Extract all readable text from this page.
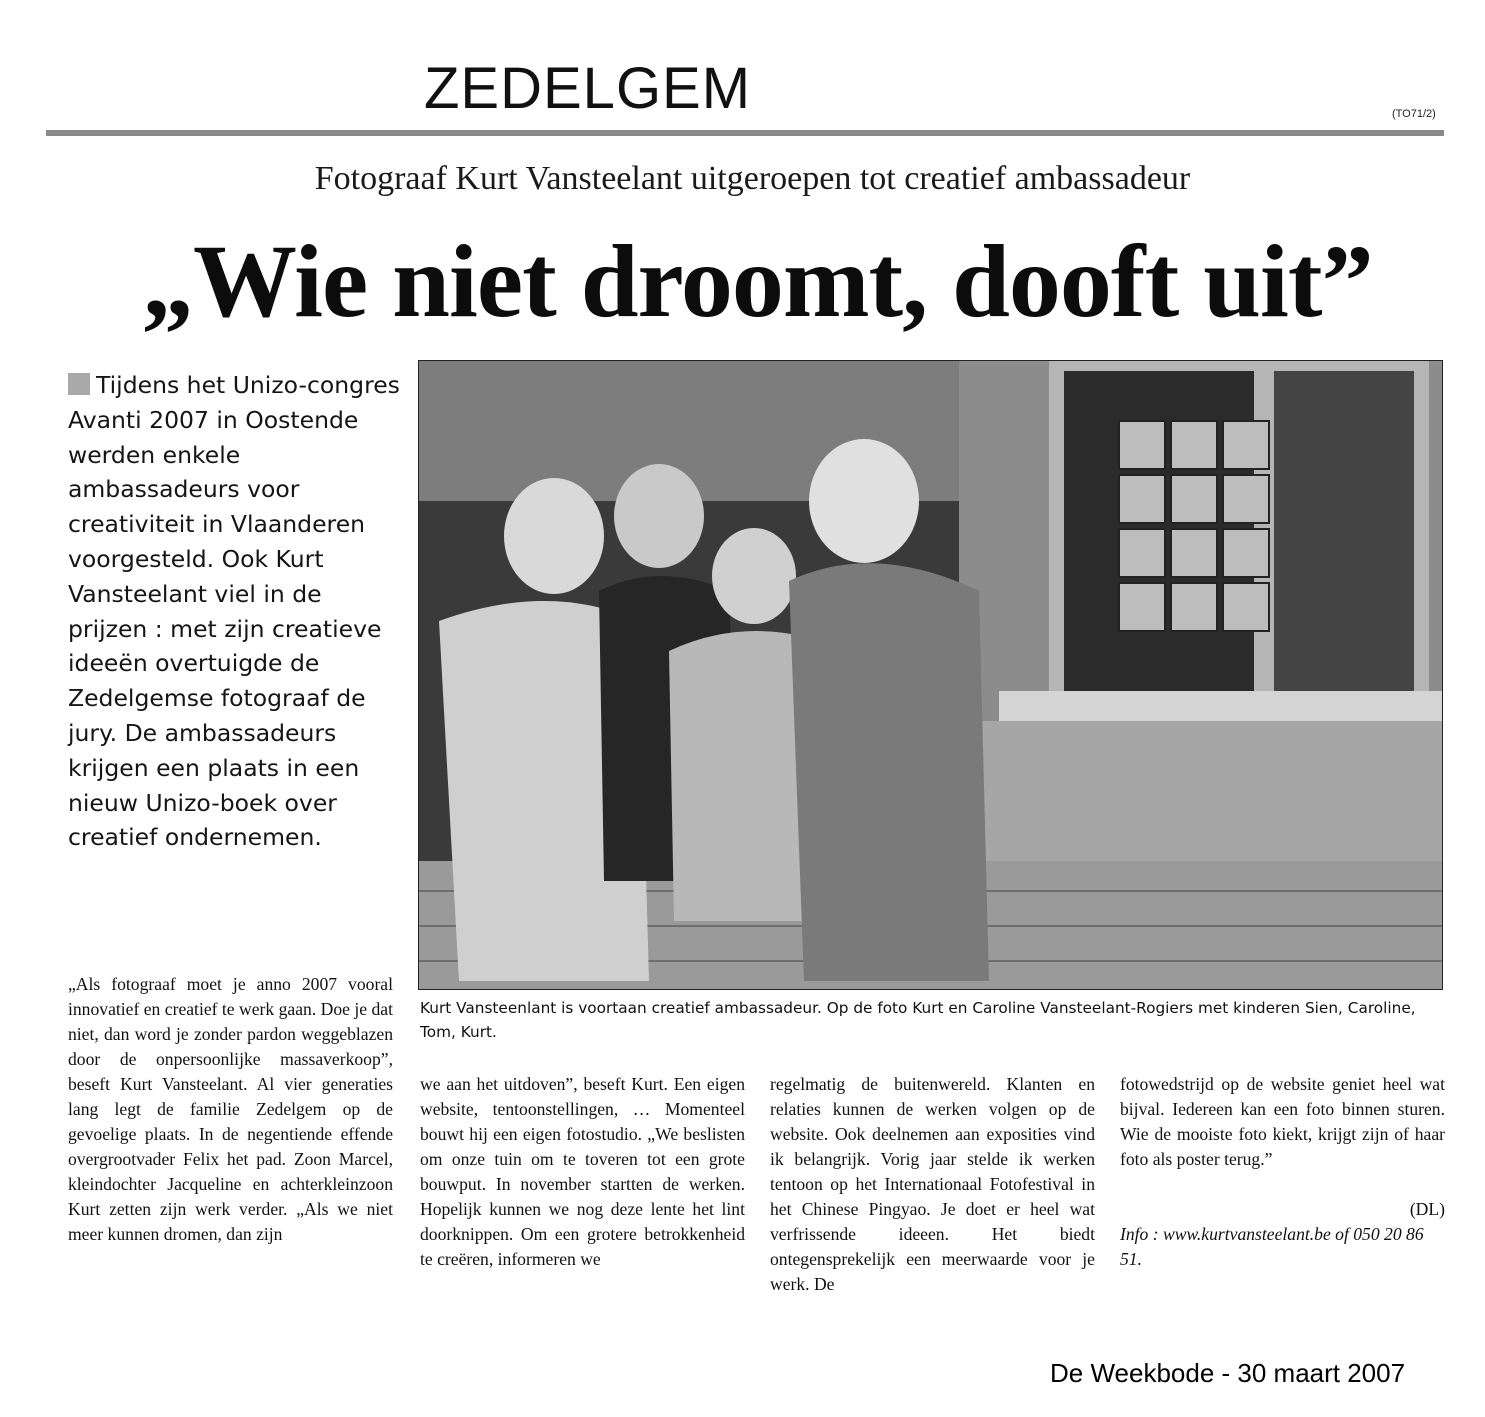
ZEDELGEM	(TO71/2)
Fotograaf Kurt Vansteelant uitgeroepen tot creatief ambassadeur
„Wie niet droomt, dooft uit”

Tijdens het Unizo-congres Avanti 2007 in Oostende werden enkele ambassadeurs voor creativiteit in Vlaanderen voorgesteld. Ook Kurt Vansteelant viel in de prijzen : met zijn creatieve ideeën overtuigde de Zedelgemse fotograaf de jury. De ambassadeurs krijgen een plaats in een nieuw Unizo-boek over creatief ondernemen.

Kurt Vansteenlant is voortaan creatief ambassadeur. Op de foto Kurt en Caroline Vansteelant-Rogiers met kinderen Sien, Caroline, Tom, Kurt.

„Als fotograaf moet je anno 2007 vooral innovatief en creatief te werk gaan. Doe je dat niet, dan word je zonder pardon weggeblazen door de onpersoonlijke massaverkoop”, beseft Kurt Vansteelant. Al vier generaties lang legt de familie Zedelgem op de gevoelige plaats. In de negentiende effende overgrootvader Felix het pad. Zoon Marcel, kleindochter Jacqueline en achterkleinzoon Kurt zetten zijn werk verder. „Als we niet meer kunnen dromen, dan zijn

we aan het uitdoven”, beseft Kurt. Een eigen website, tentoonstellingen, … Momenteel bouwt hij een eigen fotostudio. „We beslisten om onze tuin om te toveren tot een grote bouwput. In november startten de werken. Hopelijk kunnen we nog deze lente het lint doorknippen. Om een grotere betrokkenheid te creëren, informeren we

regelmatig de buitenwereld. Klanten en relaties kunnen de werken volgen op de website. Ook deelnemen aan exposities vind ik belangrijk. Vorig jaar stelde ik werken tentoon op het Internationaal Fotofestival in het Chinese Pingyao. Je doet er heel wat verfrissende ideeen. Het biedt ontegensprekelijk een meerwaarde voor je werk. De

fotowedstrijd op de website geniet heel wat bijval. Iedereen kan een foto binnen sturen. Wie de mooiste foto kiekt, krijgt zijn of haar foto als poster terug.”

(DL)

Info : www.kurtvansteelant.be of 050 20 86 51.

De Weekbode - 30 maart 2007
